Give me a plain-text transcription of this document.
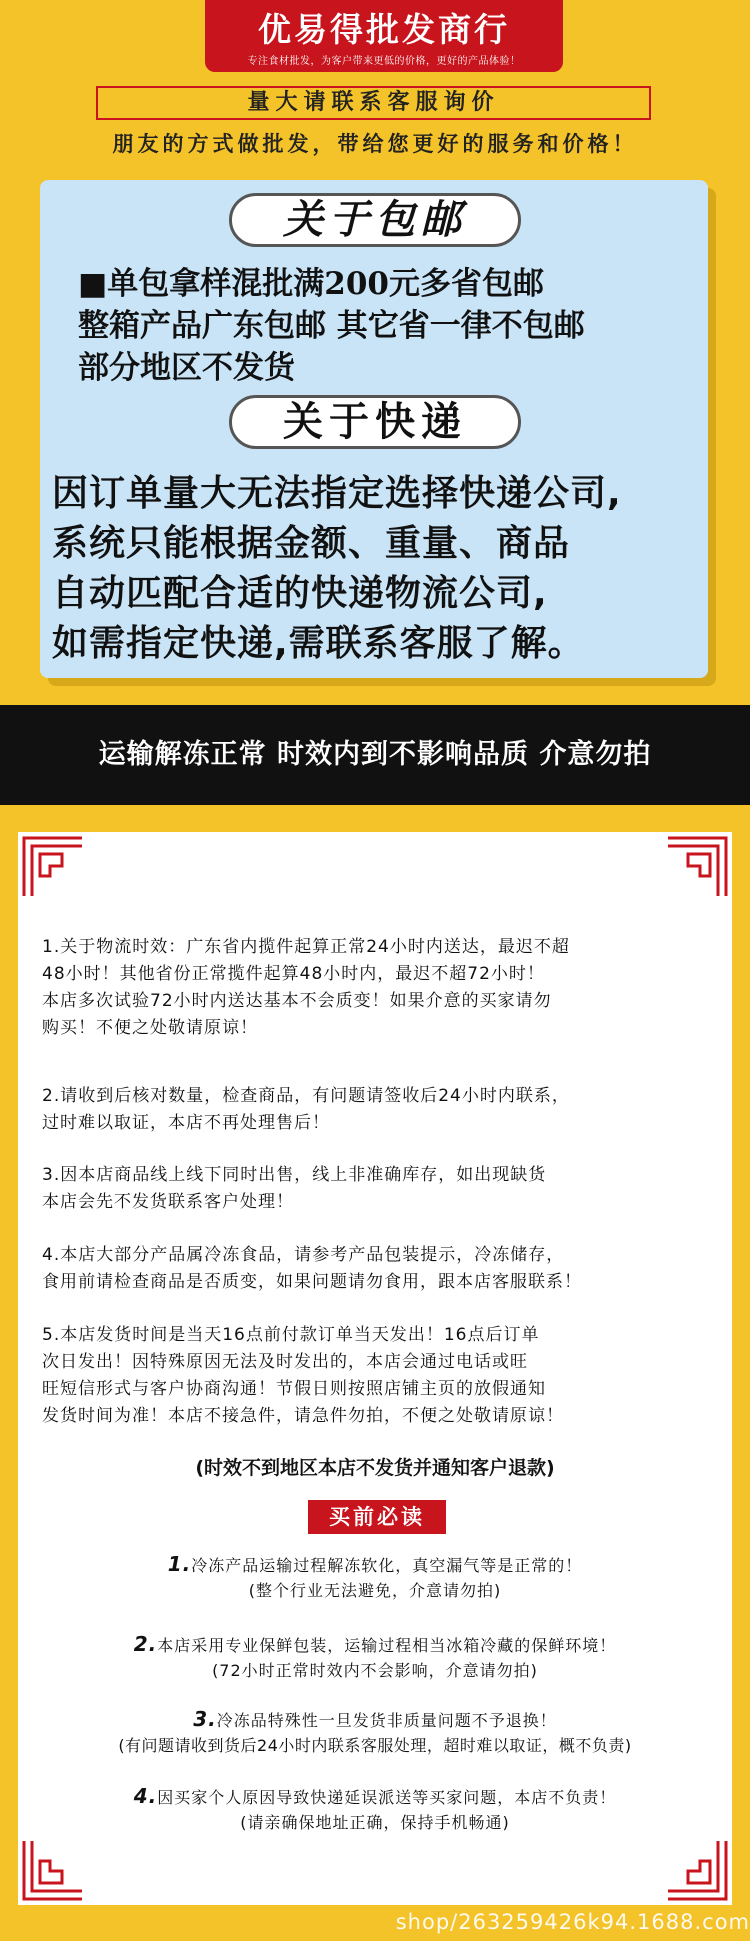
优易得批发商行
专注食材批发，为客户带来更低的价格，更好的产品体验！
量大请联系客服询价
朋友的方式做批发，带给您更好的服务和价格！
关于包邮
■单包拿样混批满200元多省包邮
整箱产品广东包邮 其它省一律不包邮
部分地区不发货
关于快递
因订单量大无法指定选择快递公司,
系统只能根据金额、重量、商品
自动匹配合适的快递物流公司,
如需指定快递,需联系客服了解。
运输解冻正常 时效内到不影响品质 介意勿拍
1.关于物流时效：广东省内揽件起算正常24小时内送达，最迟不超
48小时！其他省份正常揽件起算48小时内，最迟不超72小时！
本店多次试验72小时内送达基本不会质变！如果介意的买家请勿
购买！不便之处敬请原谅！
2.请收到后核对数量，检查商品，有问题请签收后24小时内联系，
过时难以取证，本店不再处理售后！
3.因本店商品线上线下同时出售，线上非准确库存，如出现缺货
本店会先不发货联系客户处理！
4.本店大部分产品属冷冻食品，请参考产品包装提示，冷冻储存，
食用前请检查商品是否质变，如果问题请勿食用，跟本店客服联系！
5.本店发货时间是当天16点前付款订单当天发出！16点后订单
次日发出！因特殊原因无法及时发出的，本店会通过电话或旺
旺短信形式与客户协商沟通！节假日则按照店铺主页的放假通知
发货时间为准！本店不接急件，请急件勿拍，不便之处敬请原谅！
(时效不到地区本店不发货并通知客户退款)
买前必读
1.冷冻产品运输过程解冻软化，真空漏气等是正常的！
(整个行业无法避免，介意请勿拍)
2.本店采用专业保鲜包装，运输过程相当冰箱冷藏的保鲜环境！
(72小时正常时效内不会影响，介意请勿拍)
3.冷冻品特殊性一旦发货非质量问题不予退换！
(有问题请收到货后24小时内联系客服处理，超时难以取证，概不负责)
4.因买家个人原因导致快递延误派送等买家问题，本店不负责！
(请亲确保地址正确，保持手机畅通)
shop/263259426k94.1688.com
